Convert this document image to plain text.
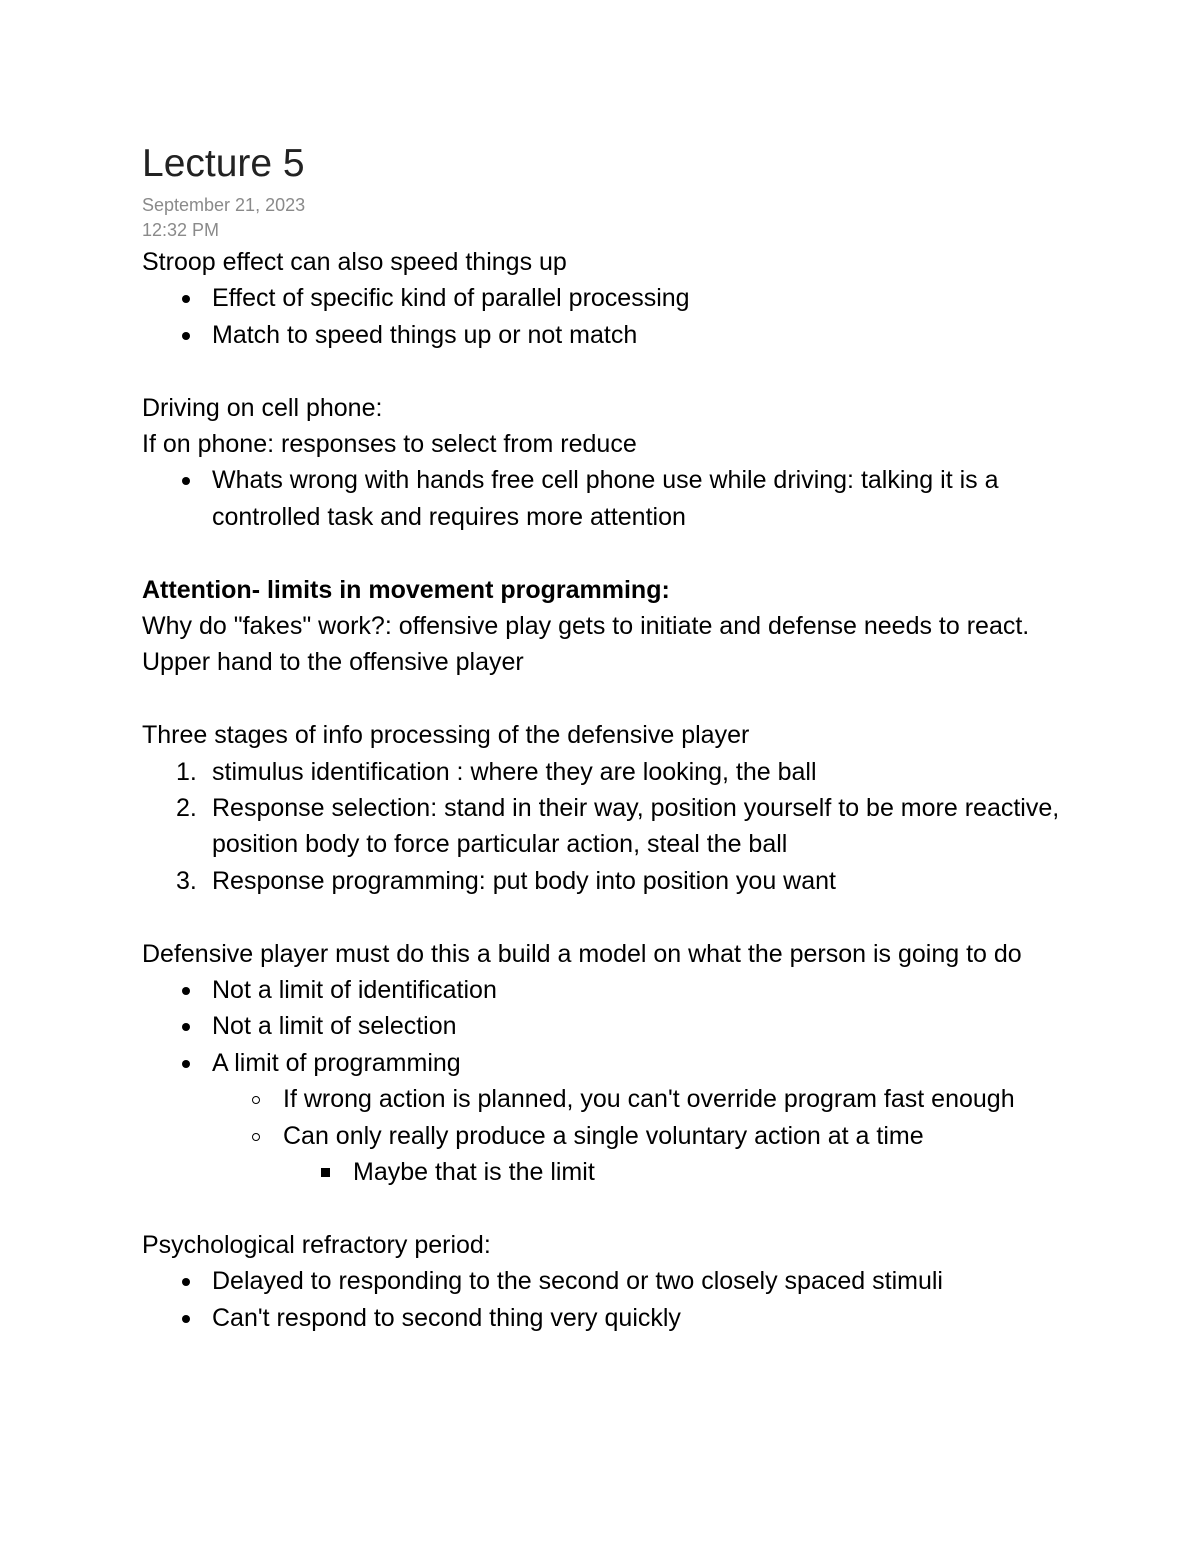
Lecture 5
September 21, 2023
12:32 PM

Stroop effect can also speed things up

Effect of specific kind of parallel processing
Match to speed things up or not match

Driving on cell phone:

If on phone: responses to select from reduce

Whats wrong with hands free cell phone use while driving: talking it is a controlled task and requires more attention

Attention- limits in movement programming:

Why do "fakes" work?: offensive play gets to initiate and defense needs to react. Upper hand to the offensive player

Three stages of info processing of the defensive player

1. stimulus identification : where they are looking, the ball
2. Response selection: stand in their way, position yourself to be more reactive, position body to force particular action, steal the ball
3. Response programming: put body into position you want

Defensive player must do this a build a model on what the person is going to do

Not a limit of identification
Not a limit of selection
A limit of programming
If wrong action is planned, you can't override program fast enough
Can only really produce a single voluntary action at a time
Maybe that is the limit

Psychological refractory period:

Delayed to responding to the second or two closely spaced stimuli
Can't respond to second thing very quickly
